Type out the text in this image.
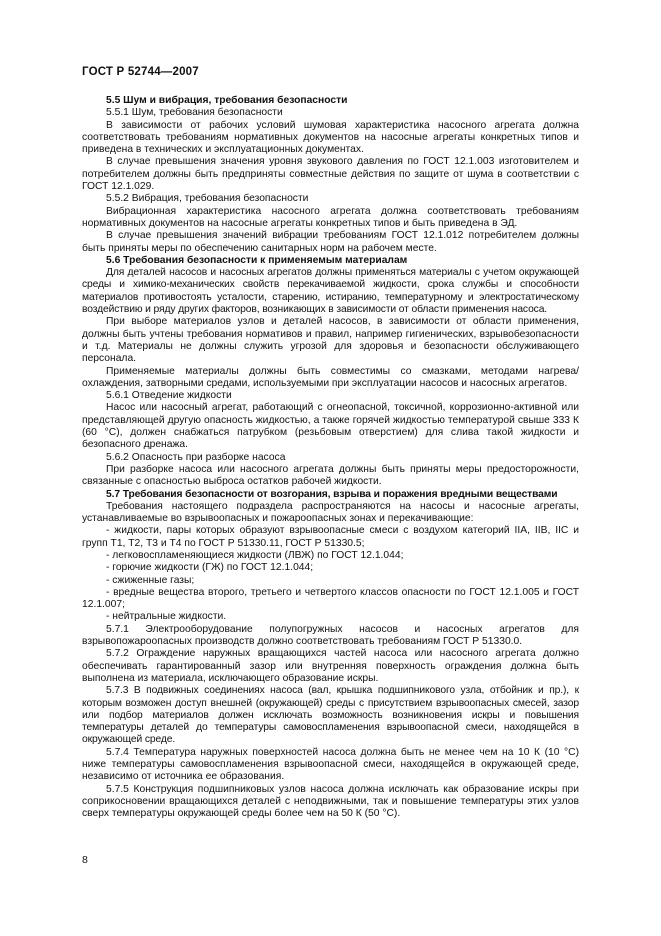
ГОСТ Р 52744—2007

5.5 Шум и вибрация, требования безопасности

5.5.1 Шум, требования безопасности

В зависимости от рабочих условий шумовая характеристика насосного агрегата должна соответствовать требованиям нормативных документов на насосные агрегаты конкретных типов и приведена в технических и эксплуатационных документах.

В случае превышения значения уровня звукового давления по ГОСТ 12.1.003 изготовителем и потребителем должны быть предприняты совместные действия по защите от шума в соответствии с ГОСТ 12.1.029.

5.5.2 Вибрация, требования безопасности

Вибрационная характеристика насосного агрегата должна соответствовать требованиям нормативных документов на насосные агрегаты конкретных типов и быть приведена в ЭД.

В случае превышения значений вибрации требованиям ГОСТ 12.1.012 потребителем должны быть приняты меры по обеспечению санитарных норм на рабочем месте.

5.6 Требования безопасности к применяемым материалам

Для деталей насосов и насосных агрегатов должны применяться материалы с учетом окружающей среды и химико-механических свойств перекачиваемой жидкости, срока службы и способности материалов противостоять усталости, старению, истиранию, температурному и электростатическому воздействию и ряду других факторов, возникающих в зависимости от области применения насоса.

При выборе материалов узлов и деталей насосов, в зависимости от области применения, должны быть учтены требования нормативов и правил, например гигиенических, взрывобезопасности и т.д. Материалы не должны служить угрозой для здоровья и безопасности обслуживающего персонала.

Применяемые материалы должны быть совместимы со смазками, методами нагрева/охлаждения, затворными средами, используемыми при эксплуатации насосов и насосных агрегатов.

5.6.1 Отведение жидкости

Насос или насосный агрегат, работающий с огнеопасной, токсичной, коррозионно-активной или представляющей другую опасность жидкостью, а также горячей жидкостью температурой свыше 333 К (60 °С), должен снабжаться патрубком (резьбовым отверстием) для слива такой жидкости и безопасного дренажа.

5.6.2 Опасность при разборке насоса

При разборке насоса или насосного агрегата должны быть приняты меры предосторожности, связанные с опасностью выброса остатков рабочей жидкости.

5.7 Требования безопасности от возгорания, взрыва и поражения вредными веществами

Требования настоящего подраздела распространяются на насосы и насосные агрегаты, устанавливаемые во взрывоопасных и пожароопасных зонах и перекачивающие:

- жидкости, пары которых образуют взрывоопасные смеси с воздухом категорий IIA, IIB, IIC и групп Т1, Т2, Т3 и Т4 по ГОСТ Р 51330.11, ГОСТ Р 51330.5;

- легковоспламеняющиеся жидкости (ЛВЖ) по ГОСТ 12.1.044;

- горючие жидкости (ГЖ) по ГОСТ 12.1.044;

- сжиженные газы;

- вредные вещества второго, третьего и четвертого классов опасности по ГОСТ 12.1.005 и ГОСТ 12.1.007;

- нейтральные жидкости.

5.7.1 Электрооборудование полупогружных насосов и насосных агрегатов для взрывопожароопасных производств должно соответствовать требованиям ГОСТ Р 51330.0.

5.7.2 Ограждение наружных вращающихся частей насоса или насосного агрегата должно обеспечивать гарантированный зазор или внутренняя поверхность ограждения должна быть выполнена из материала, исключающего образование искры.

5.7.3 В подвижных соединениях насоса (вал, крышка подшипникового узла, отбойник и пр.), к которым возможен доступ внешней (окружающей) среды с присутствием взрывоопасных смесей, зазор или подбор материалов должен исключать возможность возникновения искры и повышения температуры деталей до температуры самовоспламенения взрывоопасной смеси, находящейся в окружающей среде.

5.7.4 Температура наружных поверхностей насоса должна быть не менее чем на 10 К (10 °С) ниже температуры самовоспламенения взрывоопасной смеси, находящейся в окружающей среде, независимо от источника ее образования.

5.7.5 Конструкция подшипниковых узлов насоса должна исключать как образование искры при соприкосновении вращающихся деталей с неподвижными, так и повышение температуры этих узлов сверх температуры окружающей среды более чем на 50 К (50 °С).

8
